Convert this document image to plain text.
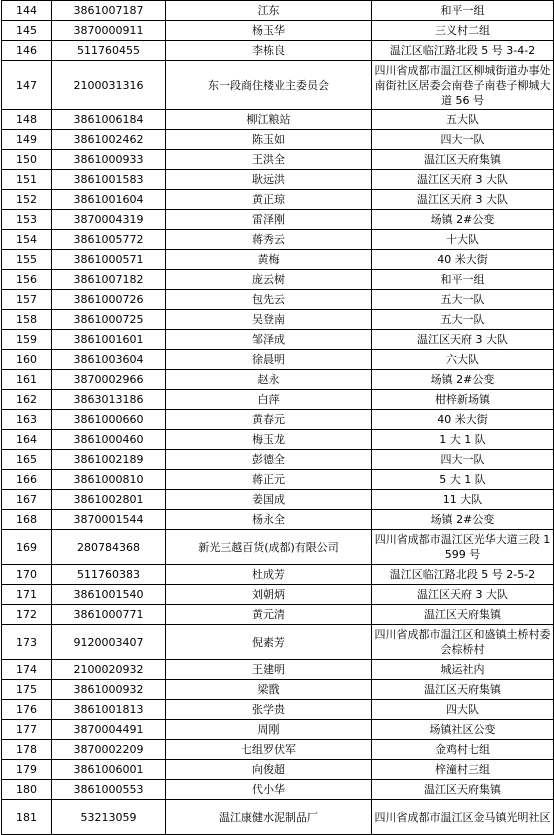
144	3861007187	江东	和平一组
145	3870000911	杨玉华	三义村二组
146	511760455	李栋良	温江区临江路北段 5 号 3-4-2
147	2100031316	东一段商住楼业主委员会	四川省成都市温江区柳城街道办事处南街社区居委会南巷子南巷子柳城大道 56 号
148	3861006184	柳江粮站	五大队
149	3861002462	陈玉如	四大一队
150	3861000933	王洪全	温江区天府集镇
151	3861001583	耿远洪	温江区天府 3 大队
152	3861001604	黄正琼	温江区天府 3 大队
153	3870004319	雷泽刚	场镇 2#公变
154	3861005772	蒋秀云	十大队
155	3861000571	黄梅	40 米大街
156	3861007182	庞云树	和平一组
157	3861000726	包先云	五大一队
158	3861000725	吴登南	五大一队
159	3861001601	邹泽成	温江区天府 3 大队
160	3861003604	徐晨明	六大队
161	3870002966	赵永	场镇 2#公变
162	3863013186	白萍	柑梓新场镇
163	3861000660	黄春元	40 米大街
164	3861000460	梅玉龙	1 大 1 队
165	3861002189	彭德全	四大一队
166	3861000810	蒋正元	5 大 1 队
167	3861002801	姜国成	11 大队
168	3870001544	杨永全	场镇 2#公变
169	280784368	新光三越百货(成都)有限公司	四川省成都市温江区光华大道三段 1599 号
170	511760383	杜成芳	温江区临江路北段 5 号 2-5-2
171	3861001540	刘朝炳	温江区天府 3 大队
172	3861000771	黄元清	温江区天府集镇
173	9120003407	倪素芳	四川省成都市温江区和盛镇土桥村委会棕桥村
174	2100020932	王建明	城运社内
175	3861000932	梁戬	温江区天府集镇
176	3861001813	张学贵	四大队
177	3870004491	周刚	场镇社区公变
178	3870002209	七组罗伏军	金鸡村七组
179	3861006001	向俊超	梓潼村三组
180	3861000553	代小华	温江区天府集镇
181	53213059	温江康健水泥制品厂	四川省成都市温江区金马镇光明社区
